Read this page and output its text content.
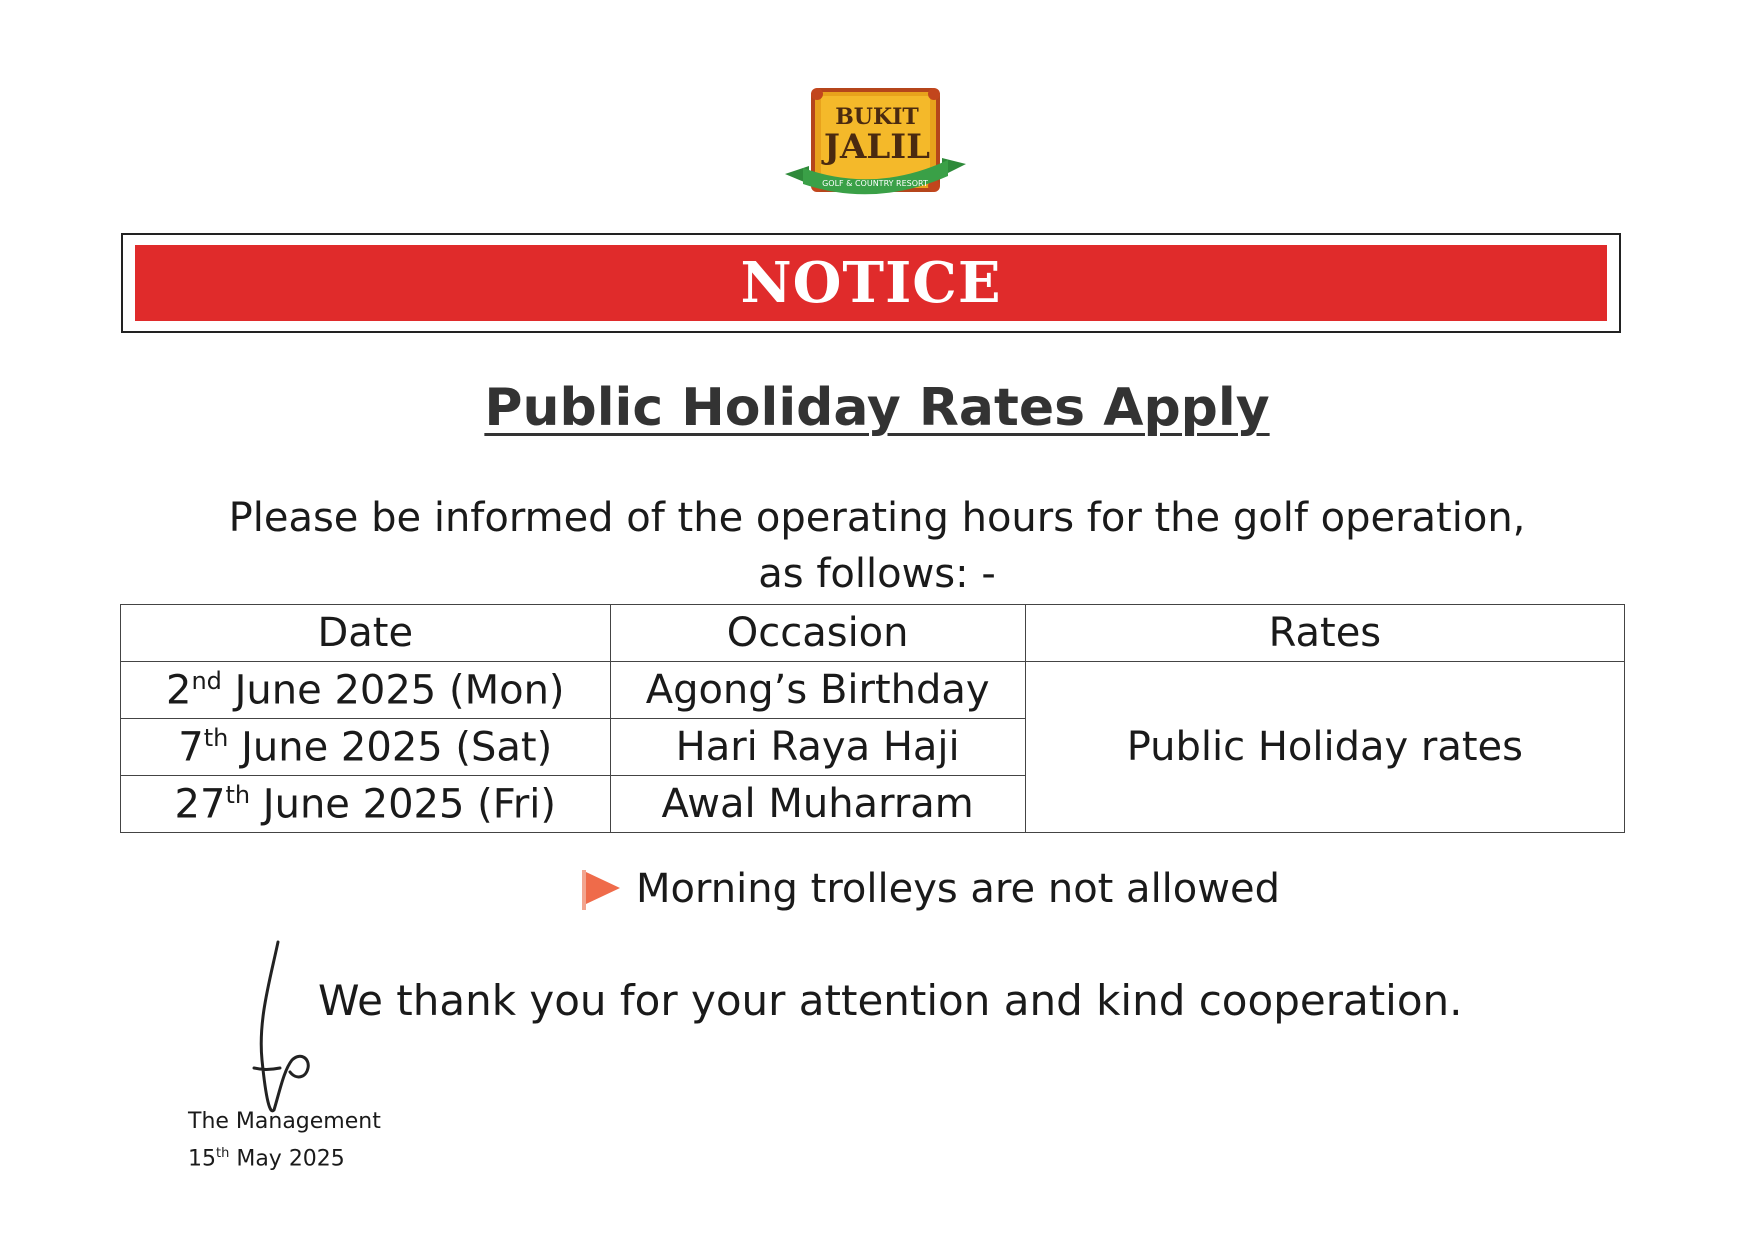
BUKIT
JALIL
GOLF & COUNTRY RESORT
NOTICE
Public Holiday Rates Apply
Please be informed of the operating hours for the golf operation,
as follows: -
Date	Occasion	Rates
2nd June 2025 (Mon)	Agong’s Birthday	Public Holiday rates
7th June 2025 (Sat)	Hari Raya Haji	
27th June 2025 (Fri)	Awal Muharram	
Morning trolleys are not allowed
We thank you for your attention and kind cooperation.
The Management
15th May 2025
